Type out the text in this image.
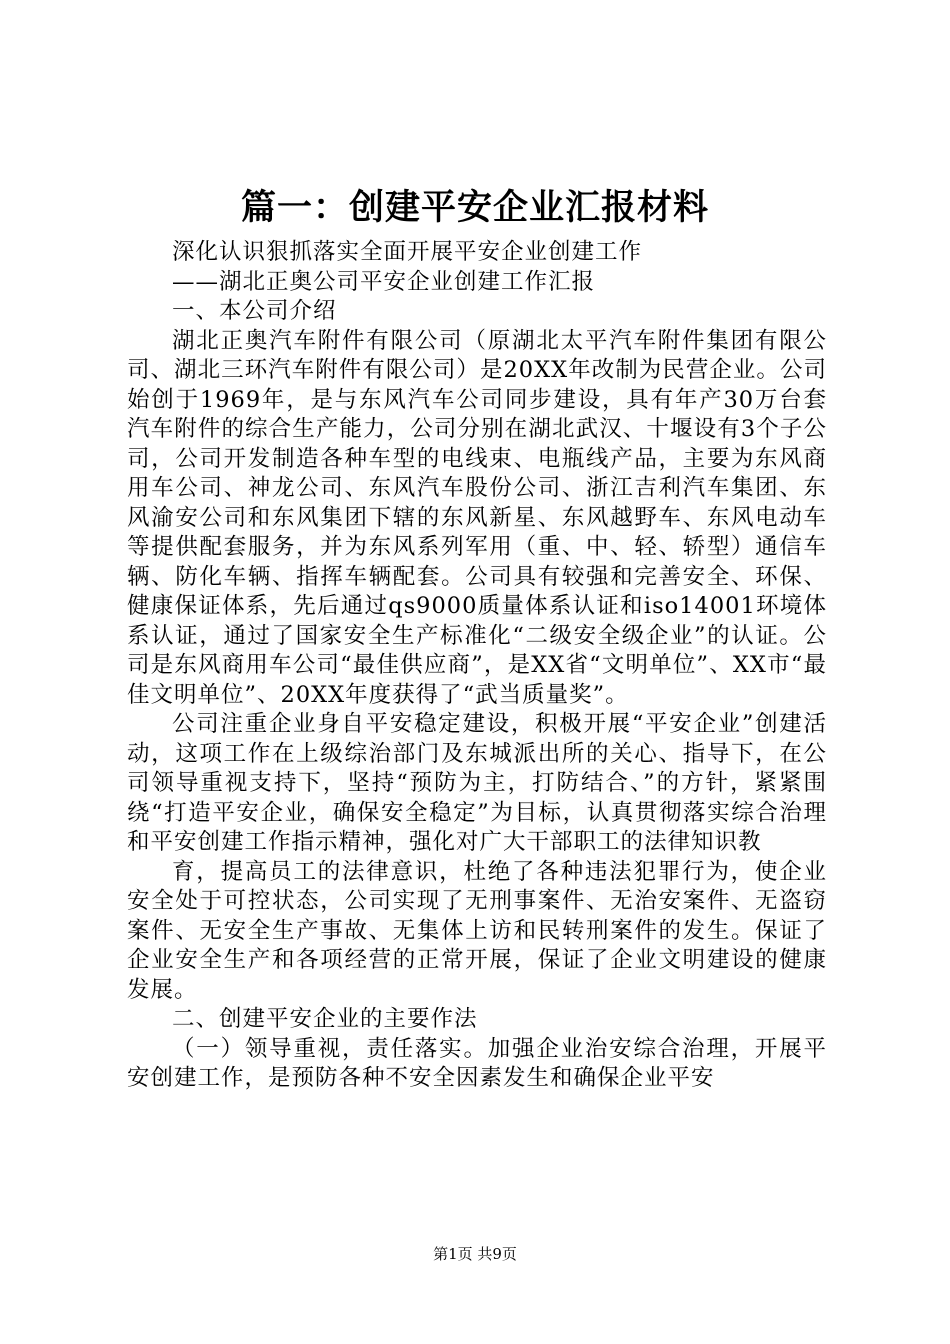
篇一：创建平安企业汇报材料

深化认识狠抓落实全面开展平安企业创建工作

——湖北正奥公司平安企业创建工作汇报

一、本公司介绍

湖北正奥汽车附件有限公司（原湖北太平汽车附件集团有限公司、湖北三环汽车附件有限公司）是20XX年改制为民营企业。公司始创于1969年，是与东风汽车公司同步建设，具有年产30万台套汽车附件的综合生产能力，公司分别在湖北武汉、十堰设有3个子公司，公司开发制造各种车型的电线束、电瓶线产品，主要为东风商用车公司、神龙公司、东风汽车股份公司、浙江吉利汽车集团、东风渝安公司和东风集团下辖的东风新星、东风越野车、东风电动车等提供配套服务，并为东风系列军用（重、中、轻、轿型）通信车辆、防化车辆、指挥车辆配套。公司具有较强和完善安全、环保、健康保证体系，先后通过qs9000质量体系认证和iso14001环境体系认证，通过了国家安全生产标准化“二级安全级企业”的认证。公司是东风商用车公司“最佳供应商”，是XX省“文明单位”、XX市“最佳文明单位”、20XX年度获得了“武当质量奖”。

公司注重企业身自平安稳定建设，积极开展“平安企业”创建活动，这项工作在上级综治部门及东城派出所的关心、指导下，在公司领导重视支持下，坚持“预防为主，打防结合、”的方针，紧紧围绕“打造平安企业，确保安全稳定”为目标，认真贯彻落实综合治理和平安创建工作指示精神，强化对广大干部职工的法律知识教

育，提高员工的法律意识，杜绝了各种违法犯罪行为，使企业安全处于可控状态，公司实现了无刑事案件、无治安案件、无盗窃案件、无安全生产事故、无集体上访和民转刑案件的发生。保证了企业安全生产和各项经营的正常开展，保证了企业文明建设的健康发展。

二、创建平安企业的主要作法

（一）领导重视，责任落实。加强企业治安综合治理，开展平安创建工作，是预防各种不安全因素发生和确保企业平安

第1页 共9页
